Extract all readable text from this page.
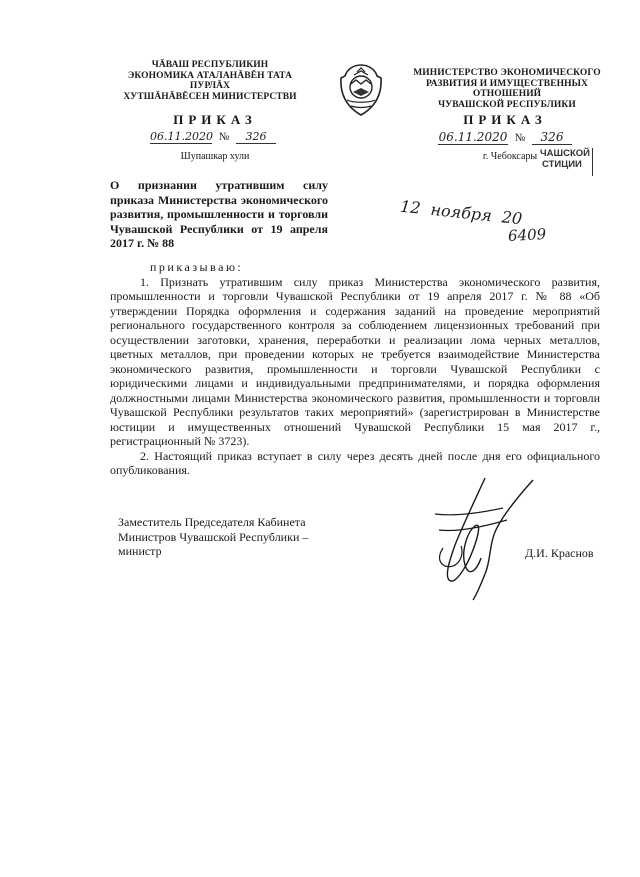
ЧĂВАШ РЕСПУБЛИКИН
ЭКОНОМИКА АТАЛАНĂВĔН ТАТА ПУРЛĂХ
ХУТШĂНĂВĔСЕН МИНИСТЕРСТВИ
ПРИКАЗ
06.11.2020 № 326
Шупашкар хули
МИНИСТЕРСТВО ЭКОНОМИЧЕСКОГО
РАЗВИТИЯ И ИМУЩЕСТВЕННЫХ ОТНОШЕНИЙ
ЧУВАШСКОЙ РЕСПУБЛИКИ
ПРИКАЗ
06.11.2020 № 326
г. Чебоксары ЧАШСКОЙ
СТИЦИИ
12  ноября  20
6409
О признании утратившим силу приказа Министерства экономического развития, промышленности и торговли Чувашской Республики от 19 апреля 2017 г. № 88
приказываю:

1. Признать утратившим силу приказ Министерства экономического развития, промышленности и торговли Чувашской Республики от 19 апреля 2017 г. № 88 «Об утверждении Порядка оформления и содержания заданий на проведение мероприятий регионального государственного контроля за соблюдением лицензионных требований при осуществлении заготовки, хранения, переработки и реализации лома черных металлов, цветных металлов, при проведении которых не требуется взаимодействие Министерства экономического развития, промышленности и торговли Чувашской Республики с юридическими лицами и индивидуальными предпринимателями, и порядка оформления должностными лицами Министерства экономического развития, промышленности и торговли Чувашской Республики результатов таких мероприятий» (зарегистрирован в Министерстве юстиции и имущественных отношений Чувашской Республики 15 мая 2017 г., регистрационный № 3723).

2. Настоящий приказ вступает в силу через десять дней после дня его официального опубликования.

Заместитель Председателя Кабинета
Министров Чувашской Республики –
министр	Д.И. Краснов
